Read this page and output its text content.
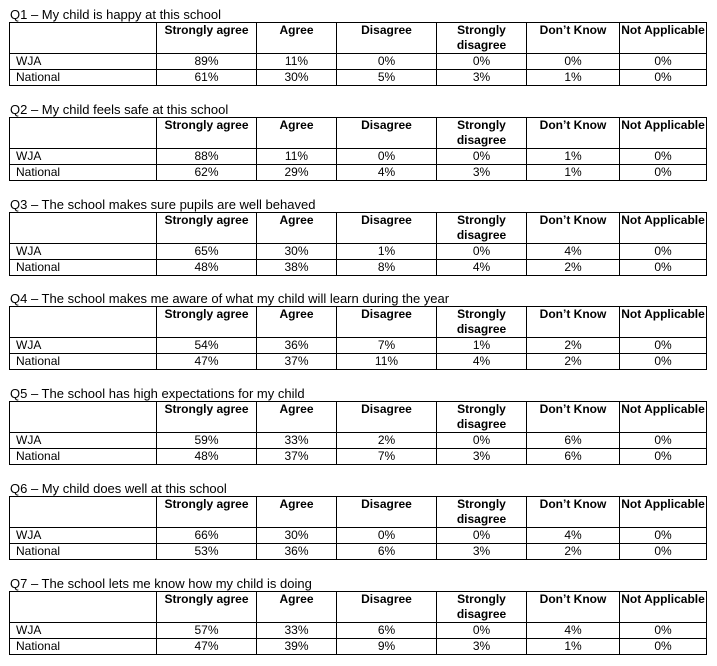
Q1 – My child is happy at this school
	Strongly agree	Agree	Disagree	Strongly disagree	Don’t Know	Not Applicable
WJA	89%	11%	0%	0%	0%	0%
National	61%	30%	5%	3%	1%	0%
Q2 – My child feels safe at this school
	Strongly agree	Agree	Disagree	Strongly disagree	Don’t Know	Not Applicable
WJA	88%	11%	0%	0%	1%	0%
National	62%	29%	4%	3%	1%	0%
Q3 – The school makes sure pupils are well behaved
	Strongly agree	Agree	Disagree	Strongly disagree	Don’t Know	Not Applicable
WJA	65%	30%	1%	0%	4%	0%
National	48%	38%	8%	4%	2%	0%
Q4 – The school makes me aware of what my child will learn during the year
	Strongly agree	Agree	Disagree	Strongly disagree	Don’t Know	Not Applicable
WJA	54%	36%	7%	1%	2%	0%
National	47%	37%	11%	4%	2%	0%
Q5 – The school has high expectations for my child
	Strongly agree	Agree	Disagree	Strongly disagree	Don’t Know	Not Applicable
WJA	59%	33%	2%	0%	6%	0%
National	48%	37%	7%	3%	6%	0%
Q6 – My child does well at this school
	Strongly agree	Agree	Disagree	Strongly disagree	Don’t Know	Not Applicable
WJA	66%	30%	0%	0%	4%	0%
National	53%	36%	6%	3%	2%	0%
Q7 – The school lets me know how my child is doing
	Strongly agree	Agree	Disagree	Strongly disagree	Don’t Know	Not Applicable
WJA	57%	33%	6%	0%	4%	0%
National	47%	39%	9%	3%	1%	0%
